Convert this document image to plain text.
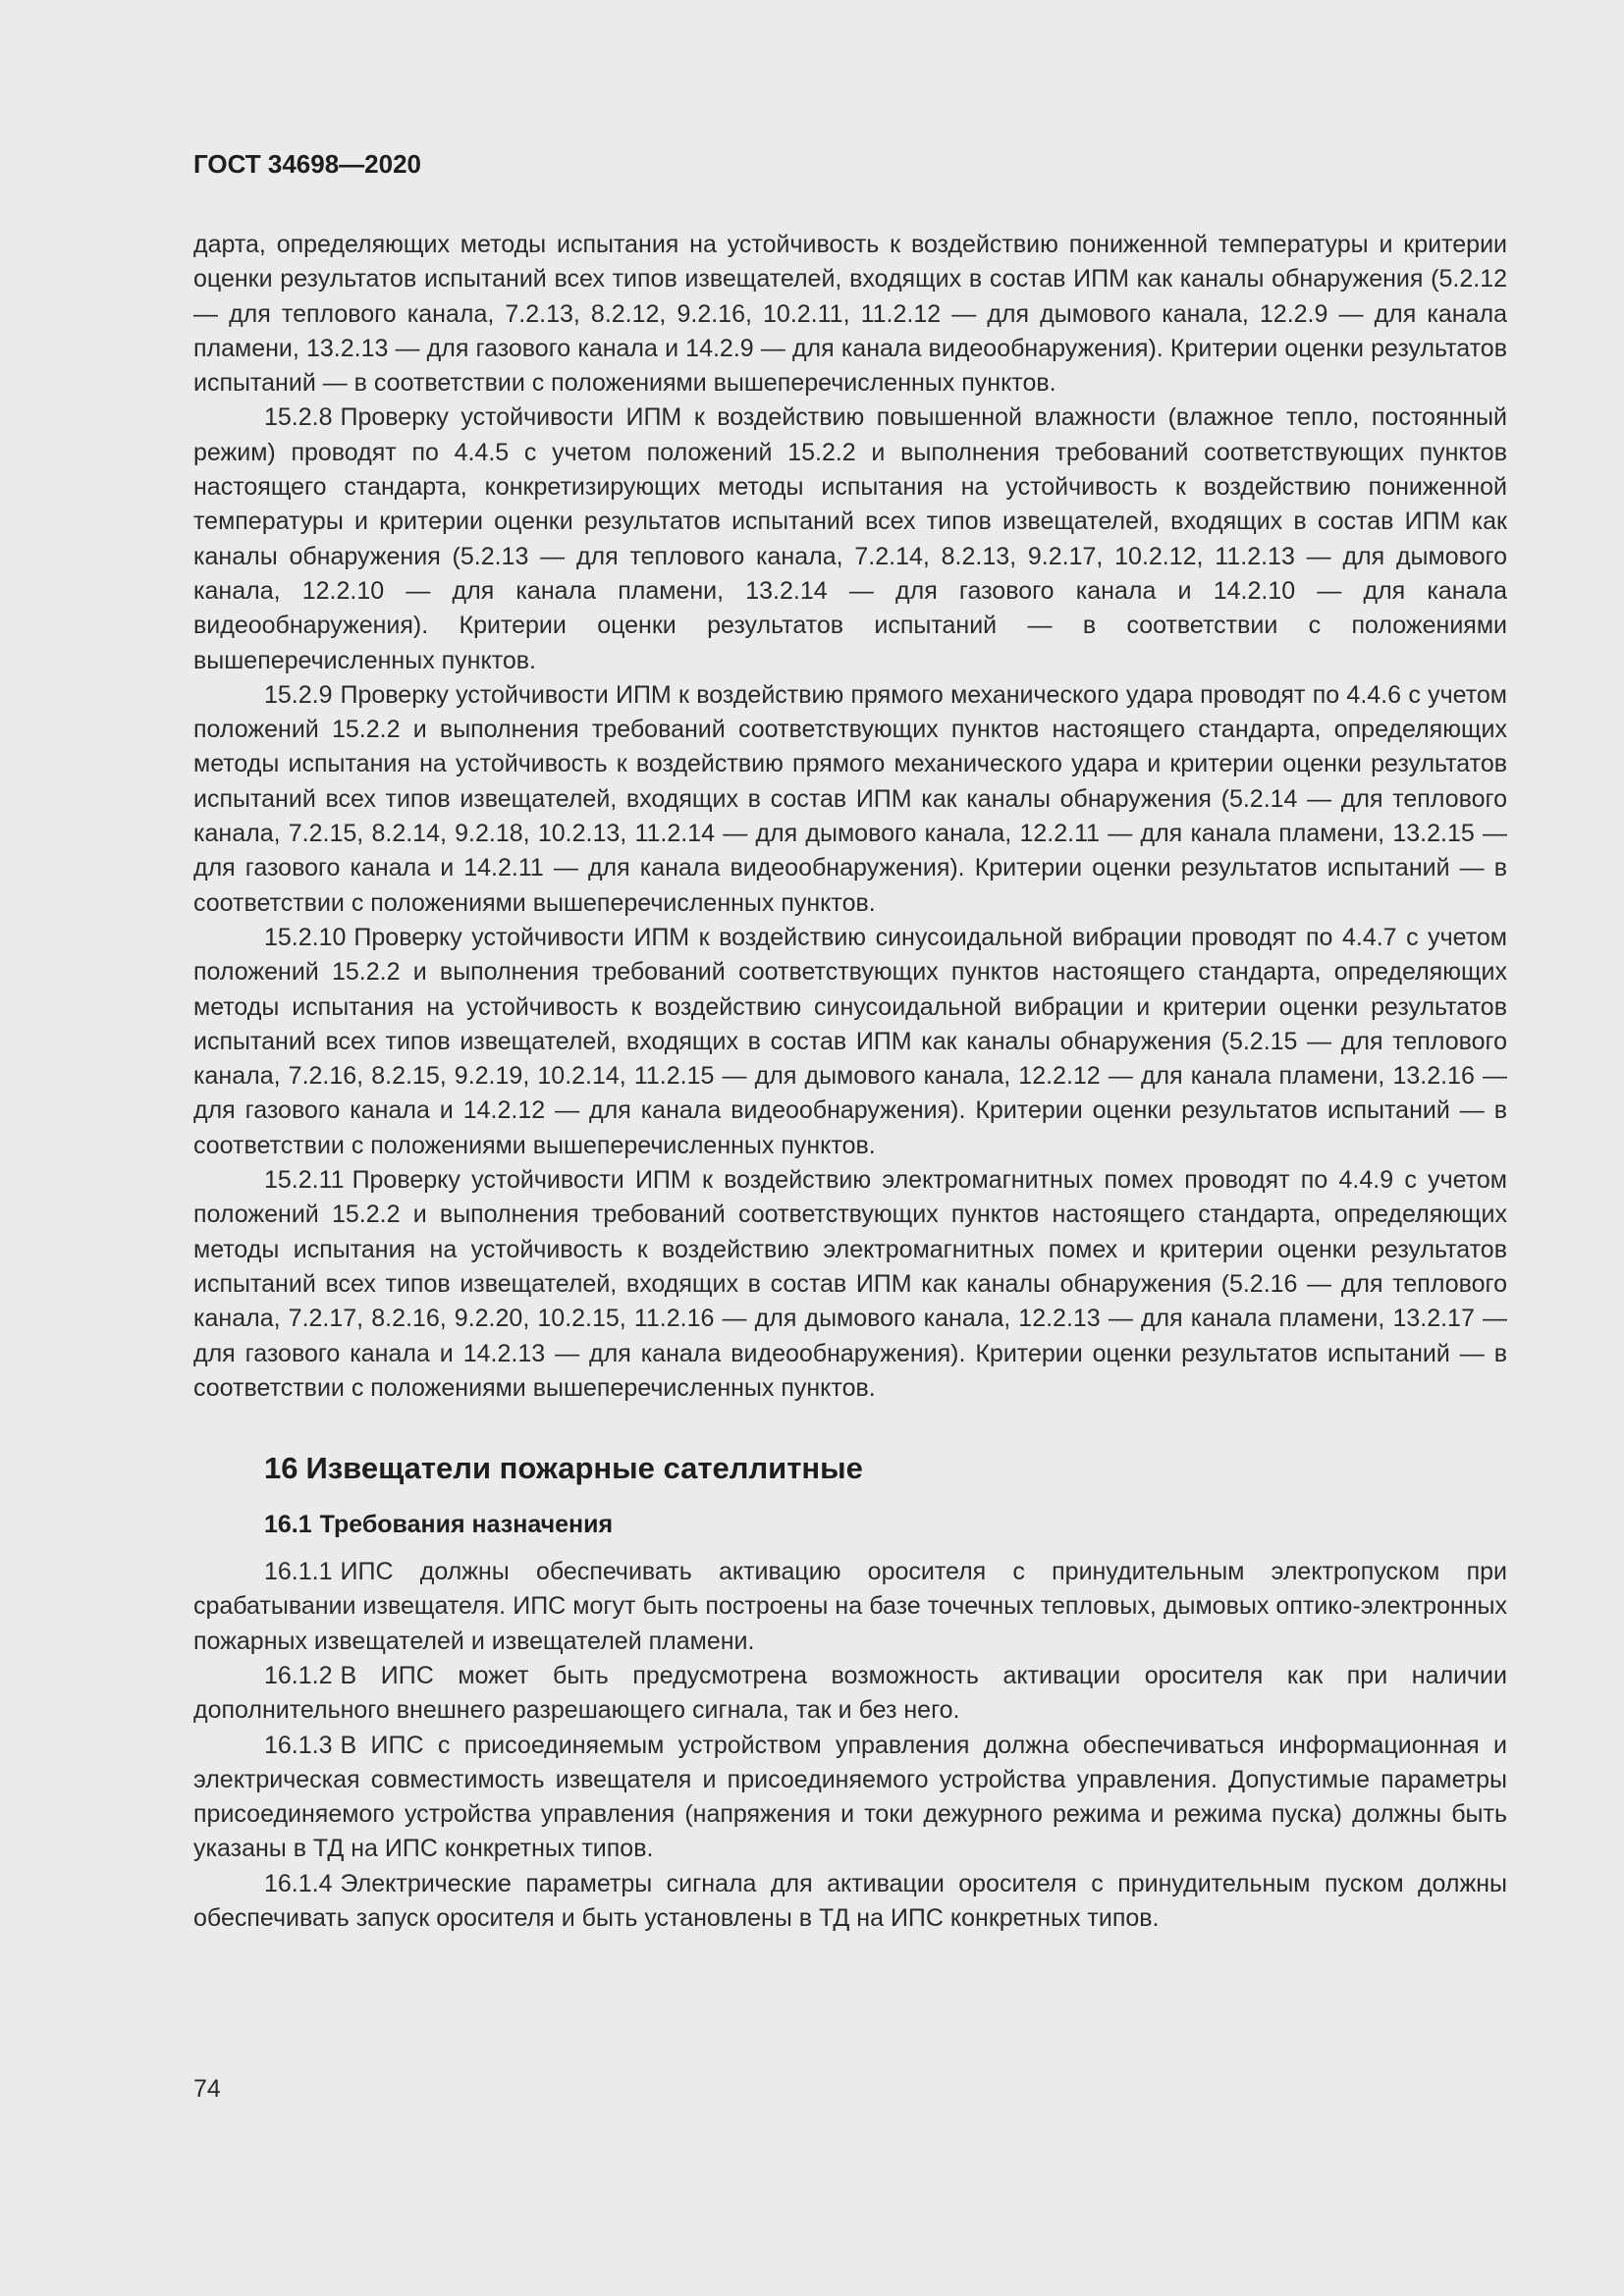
ГОСТ 34698—2020

дарта, определяющих методы испытания на устойчивость к воздействию пониженной температуры и критерии оценки результатов испытаний всех типов извещателей, входящих в состав ИПМ как каналы обнаружения (5.2.12 — для теплового канала, 7.2.13, 8.2.12, 9.2.16, 10.2.11, 11.2.12 — для дымового канала, 12.2.9 — для канала пламени, 13.2.13 — для газового канала и 14.2.9 — для канала видеообнаружения). Критерии оценки результатов испытаний — в соответствии с положениями вышеперечисленных пунктов.

15.2.8 Проверку устойчивости ИПМ к воздействию повышенной влажности (влажное тепло, постоянный режим) проводят по 4.4.5 с учетом положений 15.2.2 и выполнения требований соответствующих пунктов настоящего стандарта, конкретизирующих методы испытания на устойчивость к воздействию пониженной температуры и критерии оценки результатов испытаний всех типов извещателей, входящих в состав ИПМ как каналы обнаружения (5.2.13 — для теплового канала, 7.2.14, 8.2.13, 9.2.17, 10.2.12, 11.2.13 — для дымового канала, 12.2.10 — для канала пламени, 13.2.14 — для газового канала и 14.2.10 — для канала видеообнаружения). Критерии оценки результатов испытаний — в соответствии с положениями вышеперечисленных пунктов.

15.2.9 Проверку устойчивости ИПМ к воздействию прямого механического удара проводят по 4.4.6 с учетом положений 15.2.2 и выполнения требований соответствующих пунктов настоящего стандарта, определяющих методы испытания на устойчивость к воздействию прямого механического удара и критерии оценки результатов испытаний всех типов извещателей, входящих в состав ИПМ как каналы обнаружения (5.2.14 — для теплового канала, 7.2.15, 8.2.14, 9.2.18, 10.2.13, 11.2.14 — для дымового канала, 12.2.11 — для канала пламени, 13.2.15 — для газового канала и 14.2.11 — для канала видеообнаружения). Критерии оценки результатов испытаний — в соответствии с положениями вышеперечисленных пунктов.

15.2.10 Проверку устойчивости ИПМ к воздействию синусоидальной вибрации проводят по 4.4.7 с учетом положений 15.2.2 и выполнения требований соответствующих пунктов настоящего стандарта, определяющих методы испытания на устойчивость к воздействию синусоидальной вибрации и критерии оценки результатов испытаний всех типов извещателей, входящих в состав ИПМ как каналы обнаружения (5.2.15 — для теплового канала, 7.2.16, 8.2.15, 9.2.19, 10.2.14, 11.2.15 — для дымового канала, 12.2.12 — для канала пламени, 13.2.16 — для газового канала и 14.2.12 — для канала видеообнаружения). Критерии оценки результатов испытаний — в соответствии с положениями вышеперечисленных пунктов.

15.2.11 Проверку устойчивости ИПМ к воздействию электромагнитных помех проводят по 4.4.9 с учетом положений 15.2.2 и выполнения требований соответствующих пунктов настоящего стандарта, определяющих методы испытания на устойчивость к воздействию электромагнитных помех и критерии оценки результатов испытаний всех типов извещателей, входящих в состав ИПМ как каналы обнаружения (5.2.16 — для теплового канала, 7.2.17, 8.2.16, 9.2.20, 10.2.15, 11.2.16 — для дымового канала, 12.2.13 — для канала пламени, 13.2.17 — для газового канала и 14.2.13 — для канала видеообнаружения). Критерии оценки результатов испытаний — в соответствии с положениями вышеперечисленных пунктов.

16 Извещатели пожарные сателлитные
16.1 Требования назначения

16.1.1 ИПС должны обеспечивать активацию оросителя с принудительным электропуском при срабатывании извещателя. ИПС могут быть построены на базе точечных тепловых, дымовых оптико-электронных пожарных извещателей и извещателей пламени.

16.1.2 В ИПС может быть предусмотрена возможность активации оросителя как при наличии дополнительного внешнего разрешающего сигнала, так и без него.

16.1.3 В ИПС с присоединяемым устройством управления должна обеспечиваться информационная и электрическая совместимость извещателя и присоединяемого устройства управления. Допустимые параметры присоединяемого устройства управления (напряжения и токи дежурного режима и режима пуска) должны быть указаны в ТД на ИПС конкретных типов.

16.1.4 Электрические параметры сигнала для активации оросителя с принудительным пуском должны обеспечивать запуск оросителя и быть установлены в ТД на ИПС конкретных типов.

74
